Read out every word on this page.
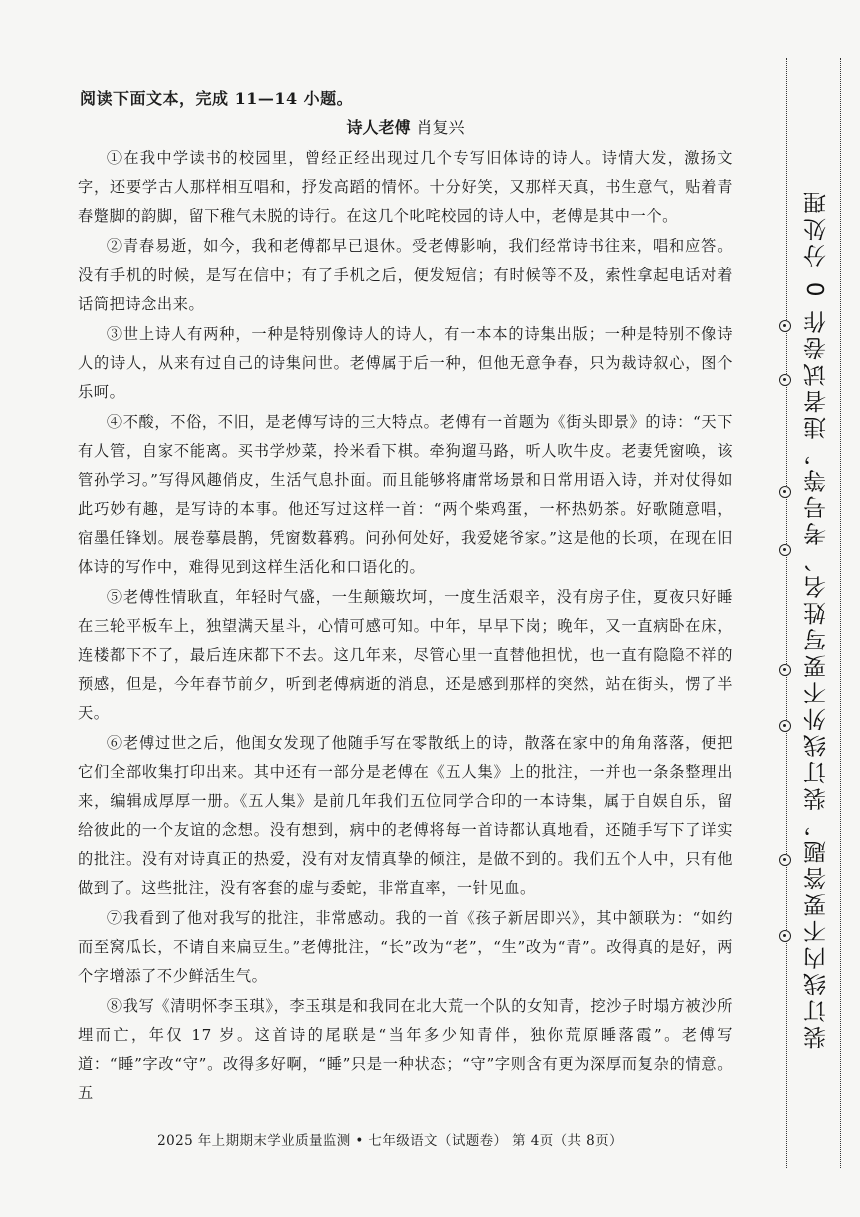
阅读下面文本，完成 11—14 小题。
诗人老傅 肖复兴

①在我中学读书的校园里，曾经正经出现过几个专写旧体诗的诗人。诗情大发，激扬文字，还要学古人那样相互唱和，抒发高蹈的情怀。十分好笑，又那样天真，书生意气，贴着青春蹩脚的韵脚，留下稚气未脱的诗行。在这几个叱咤校园的诗人中，老傅是其中一个。

②青春易逝，如今，我和老傅都早已退休。受老傅影响，我们经常诗书往来，唱和应答。没有手机的时候，是写在信中；有了手机之后，便发短信；有时候等不及，索性拿起电话对着话筒把诗念出来。

③世上诗人有两种，一种是特别像诗人的诗人，有一本本的诗集出版；一种是特别不像诗人的诗人，从来有过自己的诗集问世。老傅属于后一种，但他无意争春，只为裁诗叙心，图个乐呵。

④不酸，不俗，不旧，是老傅写诗的三大特点。老傅有一首题为《街头即景》的诗：“天下有人管，自家不能离。买书学炒菜，拎米看下棋。牵狗遛马路，听人吹牛皮。老妻凭窗唤，该管孙学习。”写得风趣俏皮，生活气息扑面。而且能够将庸常场景和日常用语入诗，并对仗得如此巧妙有趣，是写诗的本事。他还写过这样一首：“两个柴鸡蛋，一杯热奶茶。好歌随意唱，宿墨任锋划。展卷摹晨鹊，凭窗数暮鸦。问孙何处好，我爱姥爷家。”这是他的长项，在现在旧体诗的写作中，难得见到这样生活化和口语化的。

⑤老傅性情耿直，年轻时气盛，一生颠簸坎坷，一度生活艰辛，没有房子住，夏夜只好睡在三轮平板车上，独望满天星斗，心情可感可知。中年，早早下岗；晚年，又一直病卧在床，连楼都下不了，最后连床都下不去。这几年来，尽管心里一直替他担忧，也一直有隐隐不祥的预感，但是，今年春节前夕，听到老傅病逝的消息，还是感到那样的突然，站在街头，愣了半天。

⑥老傅过世之后，他闺女发现了他随手写在零散纸上的诗，散落在家中的角角落落，便把它们全部收集打印出来。其中还有一部分是老傅在《五人集》上的批注，一并也一条条整理出来，编辑成厚厚一册。《五人集》是前几年我们五位同学合印的一本诗集，属于自娱自乐，留给彼此的一个友谊的念想。没有想到，病中的老傅将每一首诗都认真地看，还随手写下了详实的批注。没有对诗真正的热爱，没有对友情真挚的倾注，是做不到的。我们五个人中，只有他做到了。这些批注，没有客套的虚与委蛇，非常直率，一针见血。

⑦我看到了他对我写的批注，非常感动。我的一首《孩子新居即兴》，其中颔联为：“如约而至窝瓜长，不请自来扁豆生。”老傅批注，“长”改为“老”，“生”改为“青”。改得真的是好，两个字增添了不少鲜活生气。

⑧我写《清明怀李玉琪》，李玉琪是和我同在北大荒一个队的女知青，挖沙子时塌方被沙所埋而亡，年仅 17 岁。这首诗的尾联是“当年多少知青伴，独你荒原睡落霞”。老傅写道：“睡”字改“守”。改得多好啊，“睡”只是一种状态；“守”字则含有更为深厚而复杂的情意。五

2025 年上期期末学业质量监测 • 七年级语文（试题卷） 第 4页（共 8页）
装订线内不要答题，装订线外不要写姓名、考号等，违者试卷作 0 分处理
